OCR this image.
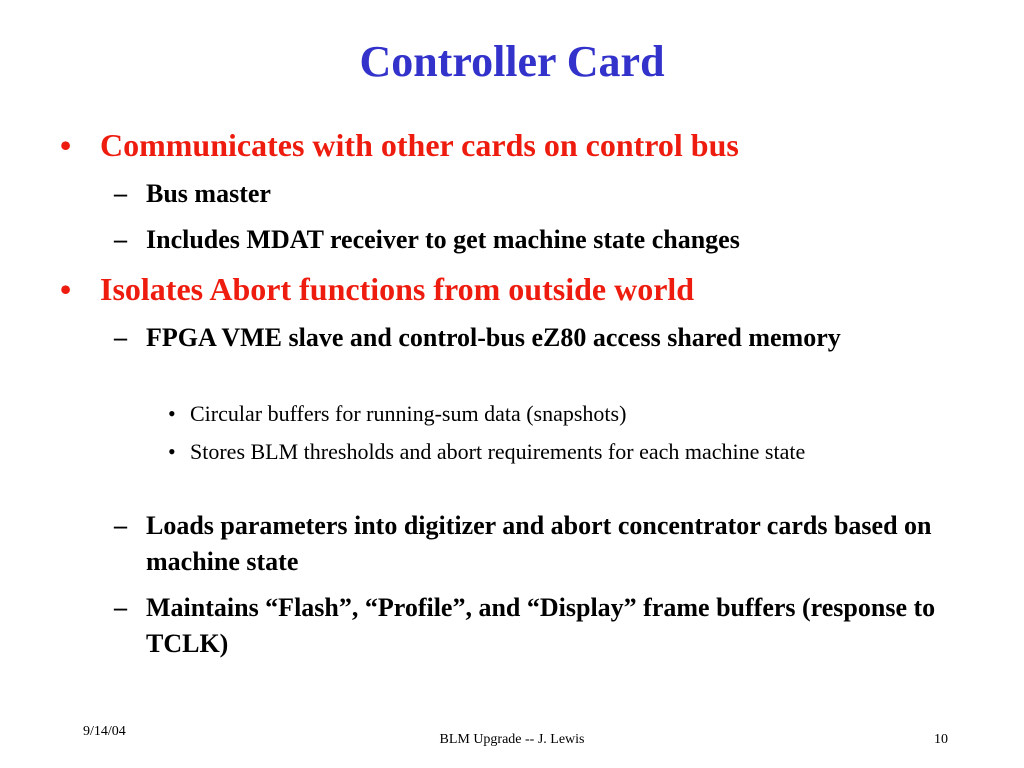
Controller Card
• Communicates with other cards on control bus
– Bus master
– Includes MDAT receiver to get machine state changes
• Isolates Abort functions from outside world
– FPGA VME slave and control-bus eZ80 access shared memory
• Circular buffers for running-sum data (snapshots)
• Stores BLM thresholds and abort requirements for each machine state
– Loads parameters into digitizer and abort concentrator cards based on machine state
– Maintains “Flash”, “Profile”, and “Display” frame buffers (response to TCLK)
9/14/04
BLM Upgrade -- J. Lewis	10
